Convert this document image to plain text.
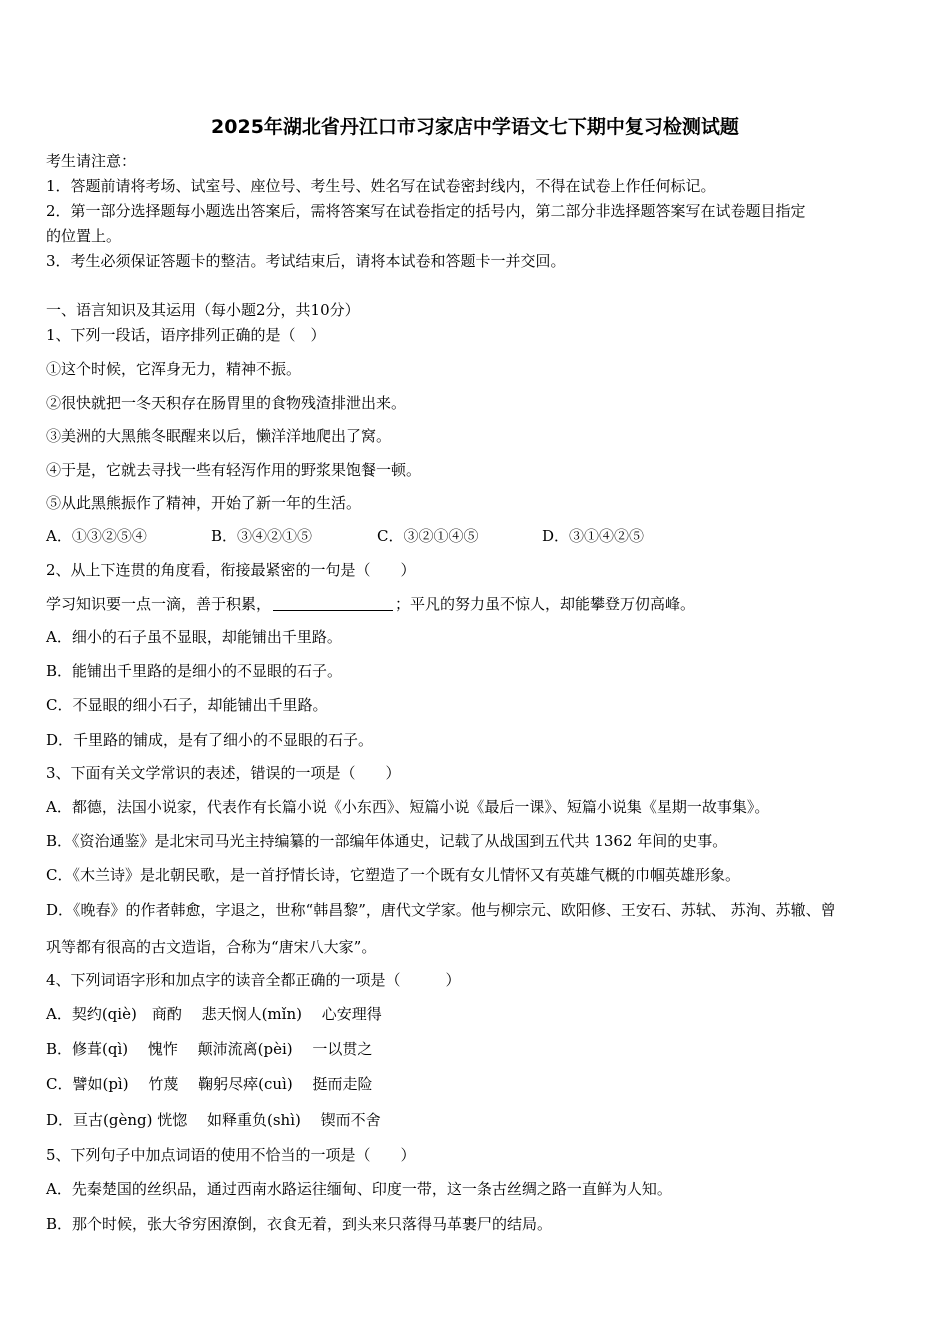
2025年湖北省丹江口市习家店中学语文七下期中复习检测试题
考生请注意：
1．答题前请将考场、试室号、座位号、考生号、姓名写在试卷密封线内，不得在试卷上作任何标记。
2．第一部分选择题每小题选出答案后，需将答案写在试卷指定的括号内，第二部分非选择题答案写在试卷题目指定
的位置上。
3．考生必须保证答题卡的整洁。考试结束后，请将本试卷和答题卡一并交回。
一、语言知识及其运用（每小题2分，共10分）
1、下列一段话，语序排列正确的是（　）
①这个时候，它浑身无力，精神不振。
②很快就把一冬天积存在肠胃里的食物残渣排泄出来。
③美洲的大黑熊冬眠醒来以后，懒洋洋地爬出了窝。
④于是，它就去寻找一些有轻泻作用的野浆果饱餐一顿。
⑤从此黑熊振作了精神，开始了新一年的生活。
A．①③②⑤④	B．③④②①⑤	C．③②①④⑤	D．③①④②⑤
2、从上下连贯的角度看，衔接最紧密的一句是（　　）
学习知识要一点一滴，善于积累，	；平凡的努力虽不惊人，却能攀登万仞高峰。
A．细小的石子虽不显眼，却能铺出千里路。
B．能铺出千里路的是细小的不显眼的石子。
C．不显眼的细小石子，却能铺出千里路。
D．千里路的铺成，是有了细小的不显眼的石子。
3、下面有关文学常识的表述，错误的一项是（　　）
A．都德，法国小说家，代表作有长篇小说《小东西》、短篇小说《最后一课》、短篇小说集《星期一故事集》。
B．《资治通鉴》是北宋司马光主持编纂的一部编年体通史，记载了从战国到五代共 1362 年间的史事。
C．《木兰诗》是北朝民歌，是一首抒情长诗，它塑造了一个既有女儿情怀又有英雄气概的巾帼英雄形象。
D．《晚春》的作者韩愈，字退之，世称“韩昌黎”，唐代文学家。他与柳宗元、欧阳修、王安石、苏轼、 苏洵、苏辙、曾
巩等都有很高的古文造诣，合称为“唐宋八大家”。
4、下列词语字形和加点字的读音全都正确的一项是（　　　）
A．契约(qiè)　商酌　 悲天悯人(mǐn)　 心安理得
B．修葺(qì)　 愧怍　 颠沛流离(pèi)　 一以贯之
C．譬如(pì)　 竹蔑　 鞠躬尽瘁(cuì)　 挺而走险
D．亘古(gèng) 恍惚　 如释重负(shì)　 锲而不舍
5、下列句子中加点词语的使用不恰当的一项是（　　）
A．先秦楚国的丝织品，通过西南水路运往缅甸、印度一带，这一条古丝绸之路一直鲜为人知。
B．那个时候，张大爷穷困潦倒，衣食无着，到头来只落得马革裹尸的结局。
